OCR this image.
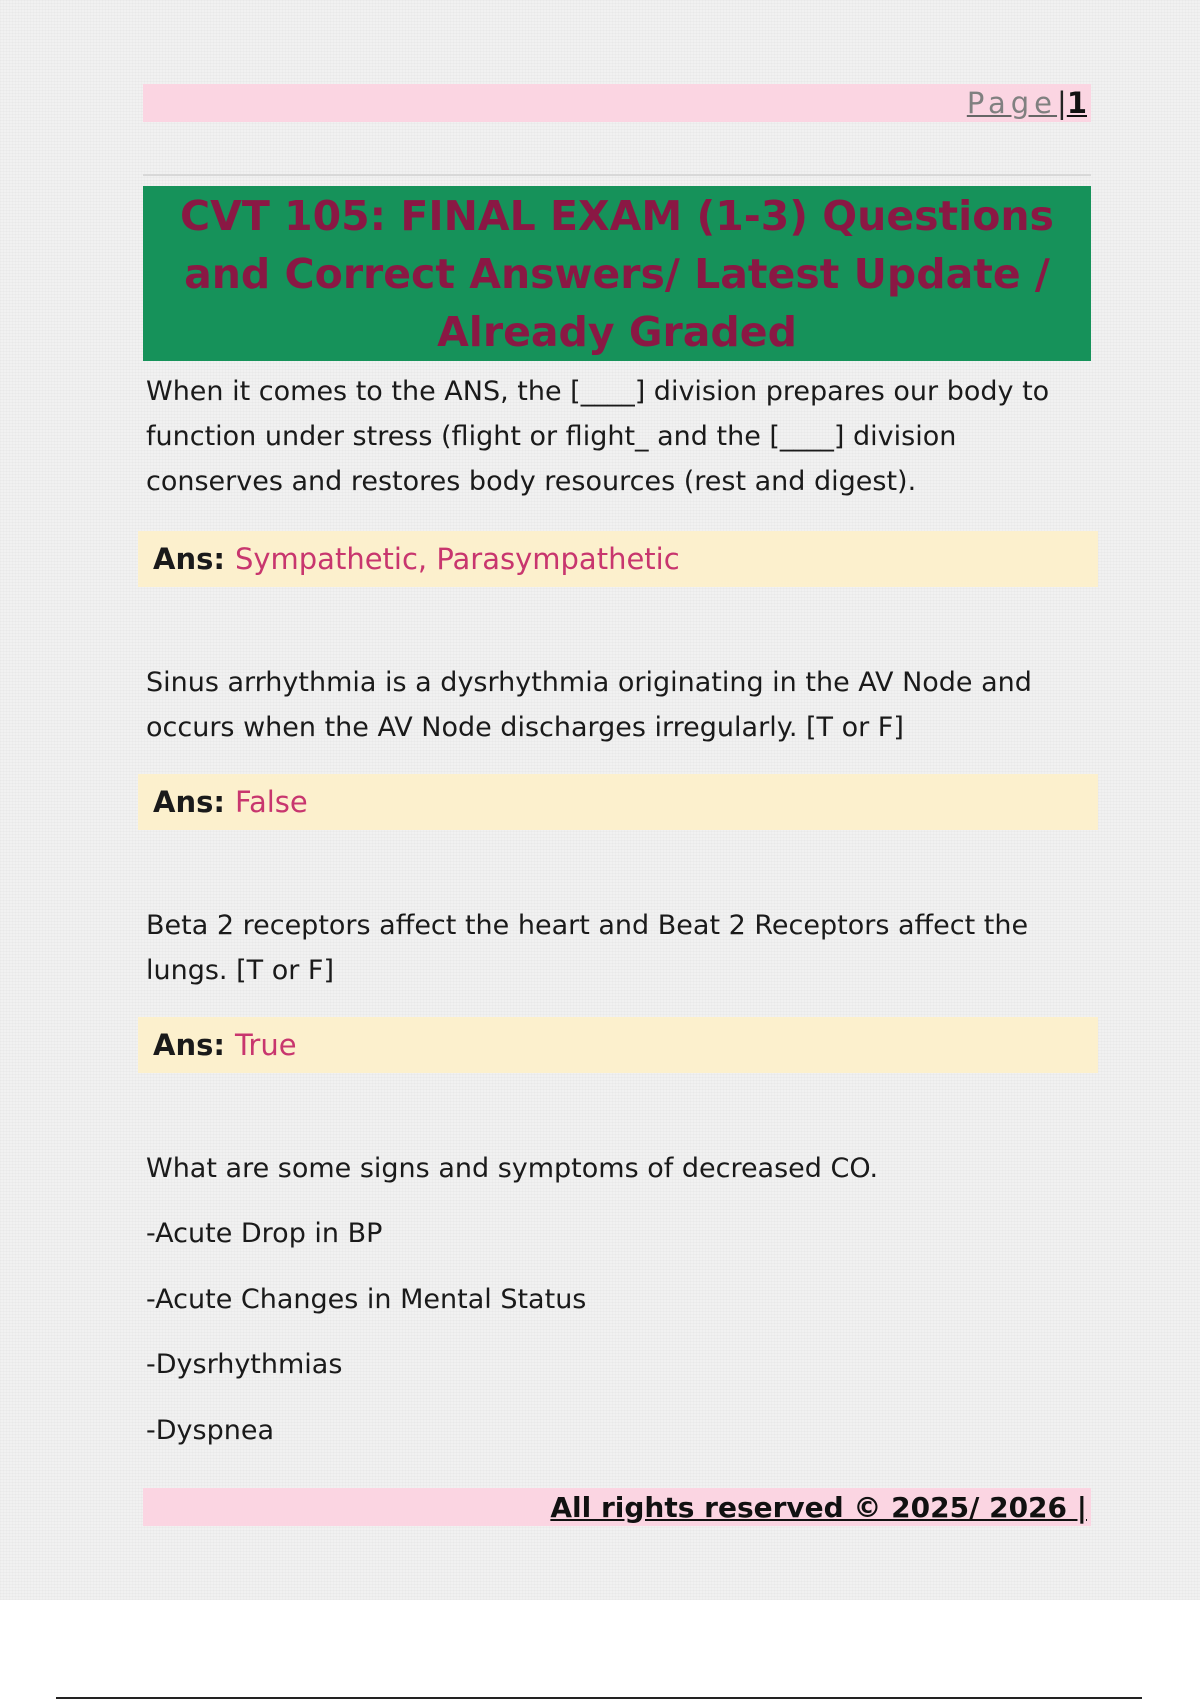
Page|1
CVT 105: FINAL EXAM (1-3) Questions and Correct Answers/ Latest Update / Already Graded
When it comes to the ANS, the [____] division prepares our body to function under stress (flight or flight_ and the [____] division conserves and restores body resources (rest and digest).
Ans: Sympathetic, Parasympathetic
Sinus arrhythmia is a dysrhythmia originating in the AV Node and occurs when the AV Node discharges irregularly. [T or F]
Ans: False
Beta 2 receptors affect the heart and Beat 2 Receptors affect the lungs. [T or F]
Ans: True
What are some signs and symptoms of decreased CO.
-Acute Drop in BP
-Acute Changes in Mental Status
-Dysrhythmias
-Dyspnea
All rights reserved © 2025/ 2026 |
